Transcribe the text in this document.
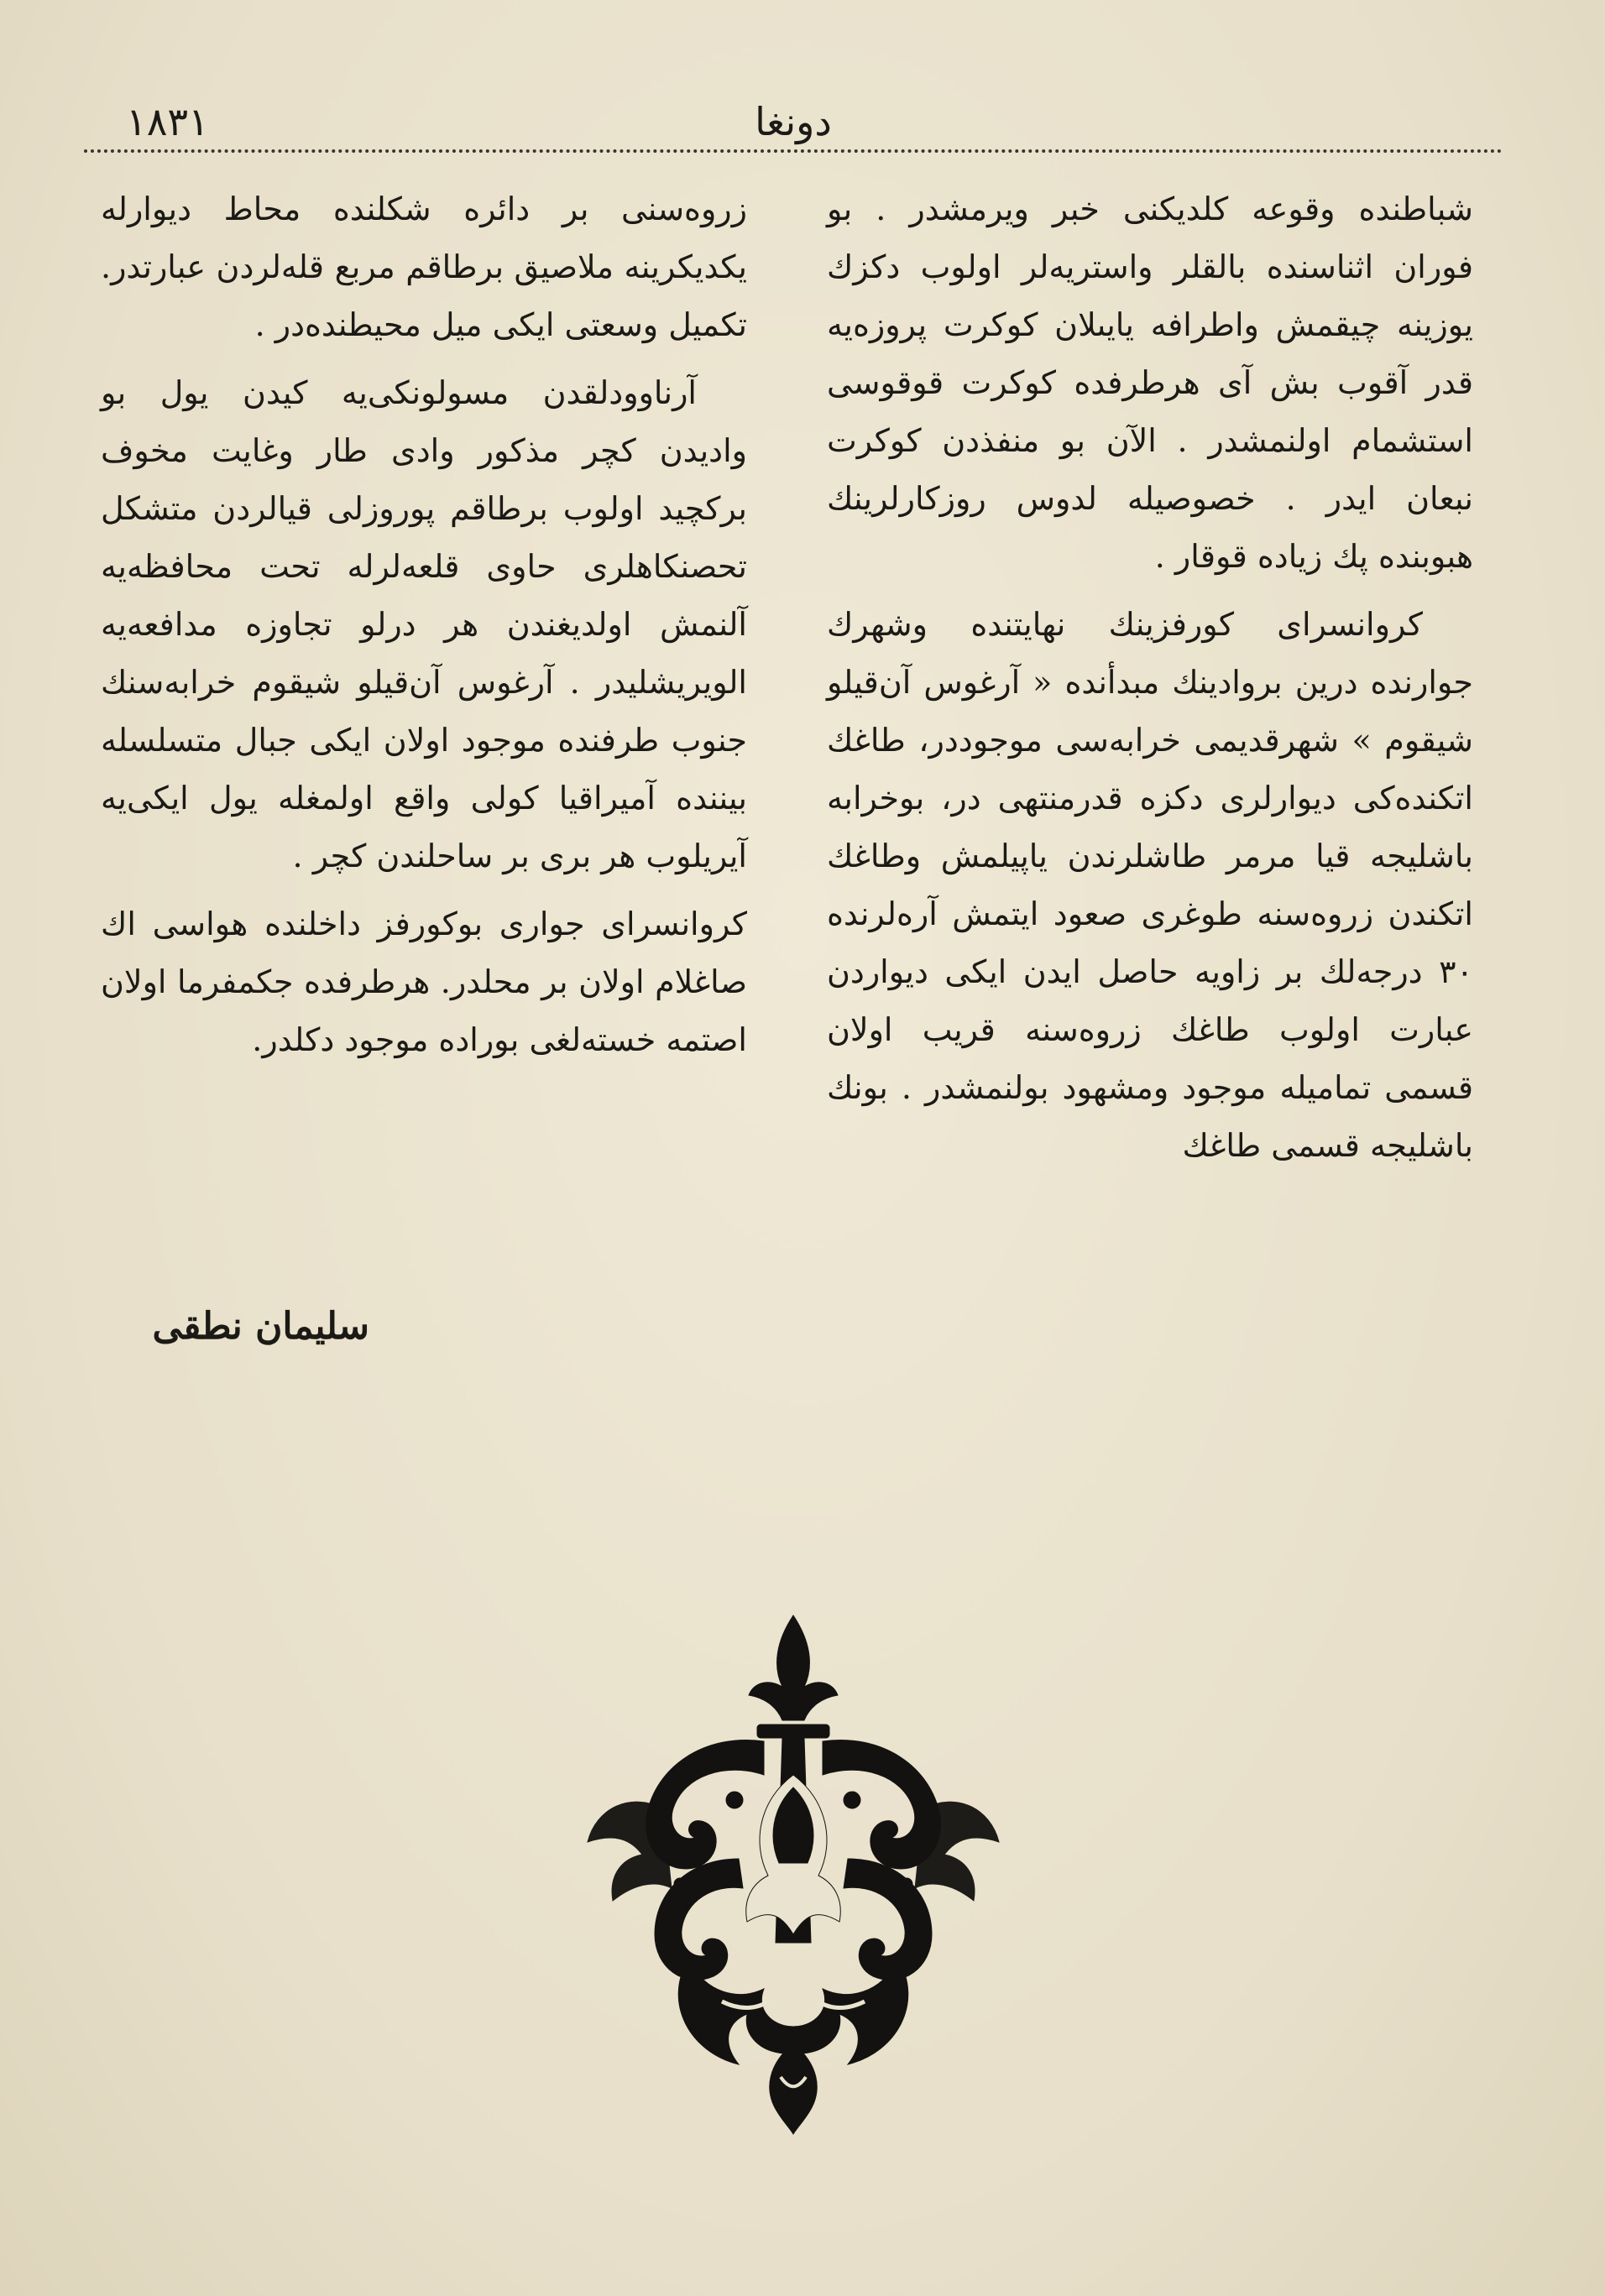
١٨٣١	دونغا

شباطنده وقوعه كلديكنى خبر ويرمشدر . بو فوران اثناسنده بالقلر واستريه‌لر اولوب دكزك يوزينه چيقمش واطرافه يايىلان كوكرت پروزه‌يه قدر آقوب بش آى هرطرفده كوكرت قوقوسى استشمام اولنمشدر . الآن بو منفذدن كوكرت نبعان ايدر . خصوصيله لدوس روزكارلرينك هبوبنده پك زياده قوقار .

كروانسراى كورفزينك نهايتنده وشهرك جوارنده درين بروادينك مبدأنده « آرغوس آن‌قيلو شيقوم » شهرقديمى خرابه‌سى موجوددر، طاغك اتكنده‌كى ديوارلرى دكزه قدرمنتهى در، بوخرابه باشليجه قيا مرمر طاشلرندن ياپيلمش وطاغك اتكندن زروه‌سنه طوغرى صعود ايتمش آره‌لرنده ٣٠ درجه‌لك بر زاويه حاصل ايدن ايكى ديواردن عبارت اولوب طاغك زروه‌سنه قريب اولان قسمى تماميله موجود ومشهود بولنمشدر . بونك باشليجه قسمى طاغك

زروه‌سنى بر دائره شكلنده محاط ديوارله يكديكرينه ملاصيق برطاقم مربع قله‌لردن عبارتدر. تكميل وسعتى ايكى ميل محيطنده‌در .

آرناوودلقدن مسولونكى‌يه كيدن يول بو واديدن كچر مذكور وادى طار وغايت مخوف بركچيد اولوب برطاقم پوروزلى قيالردن متشكل تحصنكاهلرى حاوى قلعه‌لرله تحت محافظه‌يه آلنمش اولديغندن هر درلو تجاوزه مدافعه‌يه الويريشليدر . آرغوس آن‌قيلو شيقوم خرابه‌سنك جنوب طرفنده موجود اولان ايكى جبال متسلسله بيننده آميراقيا كولى واقع اولمغله يول ايكى‌يه آيريلوب هر برى بر ساحلندن كچر .

كروانسراى جوارى بوكورفز داخلنده هواسى اك صاغلام اولان بر محلدر. هرطرفده جكمفرما اولان اصتمه خسته‌لغى بوراده موجود دكلدر.

سليمان نطقى
